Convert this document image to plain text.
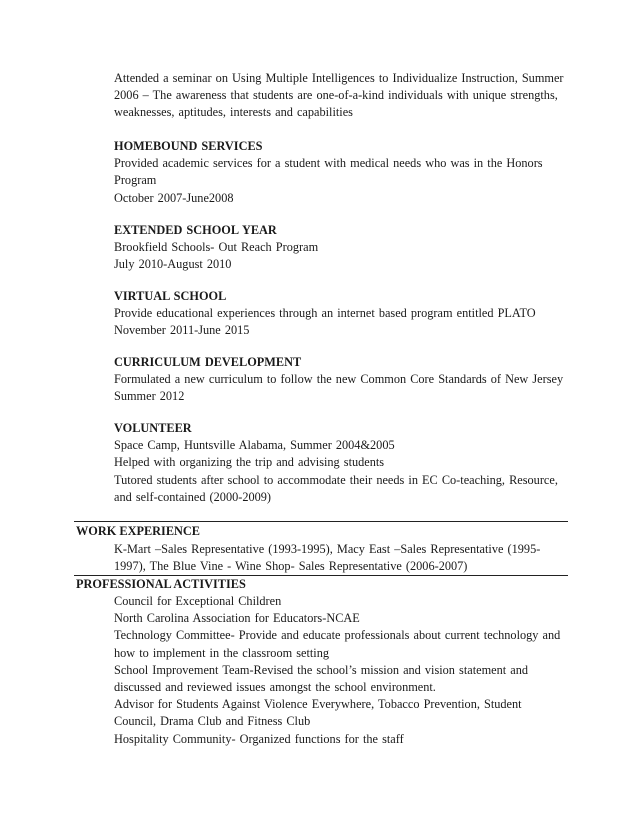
Attended a seminar on Using Multiple Intelligences to Individualize Instruction, Summer
2006 – The awareness that students are one-of-a-kind individuals with unique strengths,
weaknesses, aptitudes, interests and capabilities
HOMEBOUND SERVICES
Provided academic services for a student with medical needs who was in the Honors
Program
October 2007-June2008
EXTENDED SCHOOL YEAR
Brookfield Schools- Out Reach Program
July 2010-August 2010
VIRTUAL SCHOOL
Provide educational experiences through an internet based program entitled PLATO
November 2011-June 2015
CURRICULUM DEVELOPMENT
Formulated a new curriculum to follow the new Common Core Standards of New Jersey
Summer 2012
VOLUNTEER
Space Camp, Huntsville Alabama, Summer 2004&2005
Helped with organizing the trip and advising students
Tutored students after school to accommodate their needs in EC Co-teaching, Resource,
and self-contained (2000-2009)
WORK EXPERIENCE
K-Mart –Sales Representative (1993-1995), Macy East –Sales Representative (1995-
1997), The Blue Vine - Wine Shop- Sales Representative (2006-2007)
PROFESSIONAL ACTIVITIES
Council for Exceptional Children
North Carolina Association for Educators-NCAE
Technology Committee- Provide and educate professionals about current technology and
how to implement in the classroom setting
School Improvement Team-Revised the school’s mission and vision statement and
discussed and reviewed issues amongst the school environment.
Advisor for Students Against Violence Everywhere, Tobacco Prevention, Student
Council, Drama Club and Fitness Club
Hospitality Community- Organized functions for the staff
